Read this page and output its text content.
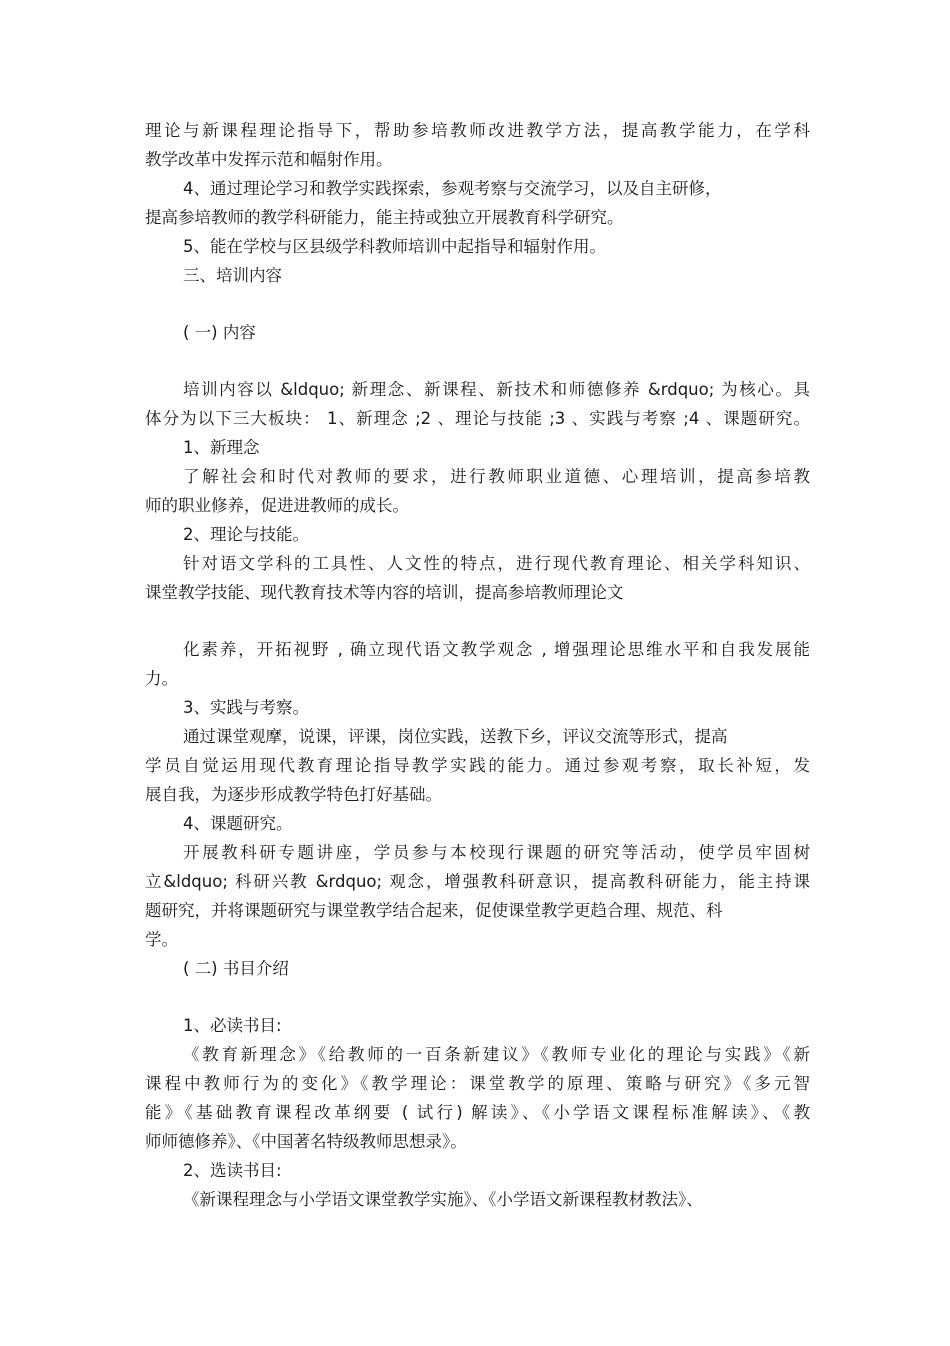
理论与新课程理论指导下，帮助参培教师改进教学方法，提高教学能力，在学科
教学改革中发挥示范和幅射作用。
4、通过理论学习和教学实践探索，参观考察与交流学习，以及自主研修，
提高参培教师的教学科研能力，能主持或独立开展教育科学研究。
5、能在学校与区县级学科教师培训中起指导和辐射作用。
三、培训内容
( 一) 内容
培训内容以 &ldquo; 新理念、新课程、新技术和师德修养 &rdquo; 为核心。具
体分为以下三大板块： 1、新理念 ;2 、理论与技能 ;3 、实践与考察 ;4 、课题研究。
1、新理念
了解社会和时代对教师的要求，进行教师职业道德、心理培训，提高参培教
师的职业修养，促进进教师的成长。
2、理论与技能。
针对语文学科的工具性、人文性的特点，进行现代教育理论、相关学科知识、
课堂教学技能、现代教育技术等内容的培训，提高参培教师理论文
化素养，开拓视野 , 确立现代语文教学观念 , 增强理论思维水平和自我发展能
力。
3、实践与考察。
通过课堂观摩，说课，评课，岗位实践，送教下乡，评议交流等形式，提高
学员自觉运用现代教育理论指导教学实践的能力。通过参观考察，取长补短，发
展自我，为逐步形成教学特色打好基础。
4、课题研究。
开展教科研专题讲座，学员参与本校现行课题的研究等活动，使学员牢固树
立&ldquo; 科研兴教 &rdquo; 观念，增强教科研意识，提高教科研能力，能主持课
题研究，并将课题研究与课堂教学结合起来，促使课堂教学更趋合理、规范、科
学。
( 二) 书目介绍
1、必读书目:
《教育新理念》《给教师的一百条新建议》《教师专业化的理论与实践》《新
课程中教师行为的变化》《教学理论：课堂教学的原理、策略与研究》《多元智
能》《基础教育课程改革纲要 ( 试行) 解读》、《小学语文课程标准解读》、《教
师师德修养》、《中国著名特级教师思想录》。
2、选读书目:
《新课程理念与小学语文课堂教学实施》、《小学语文新课程教材教法》、
